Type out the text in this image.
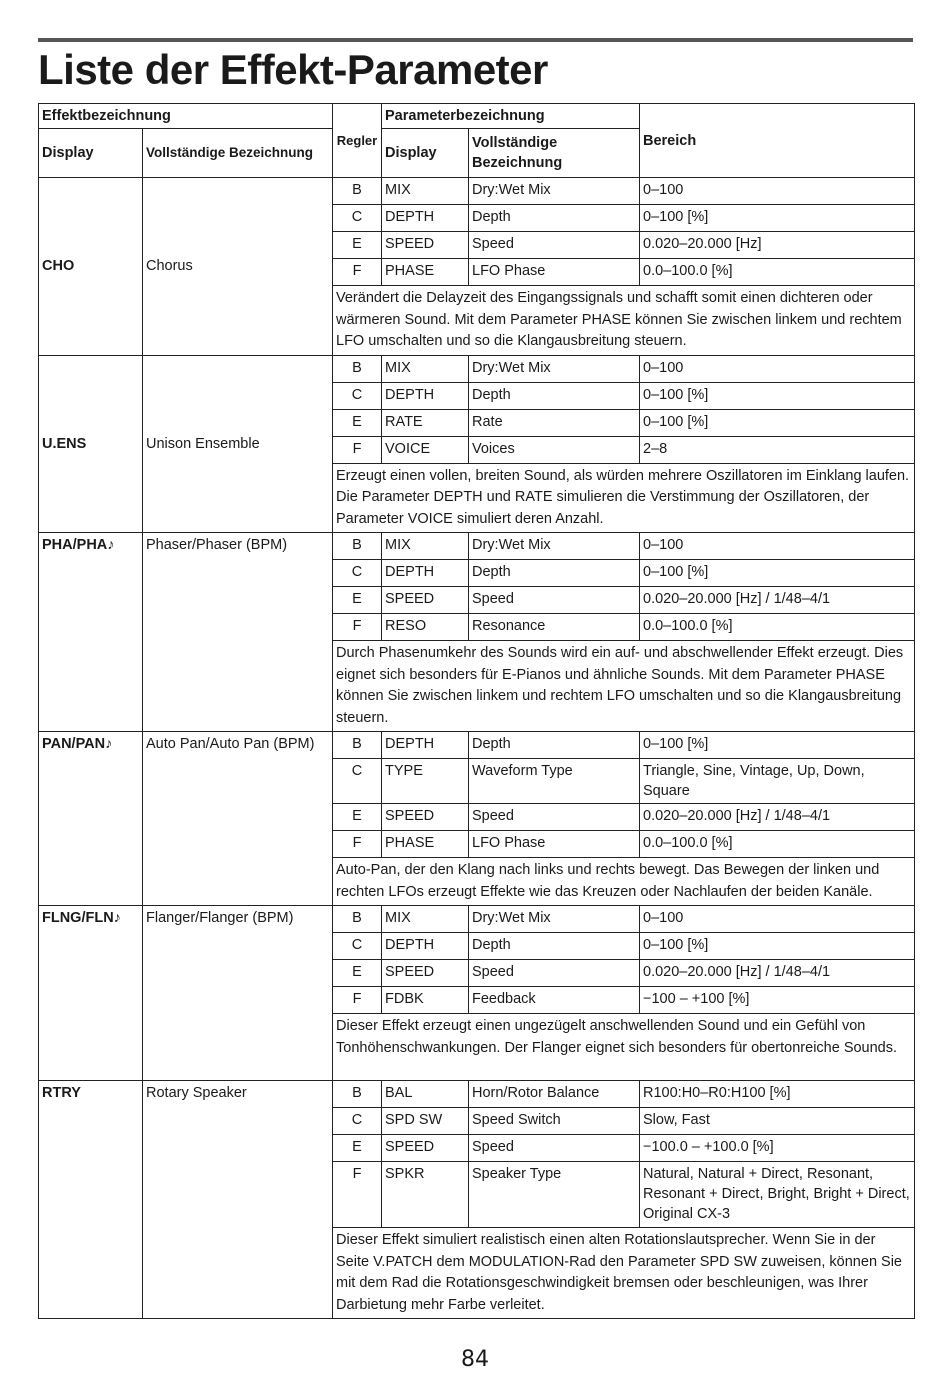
Liste der Effekt-Parameter
Effektbezeichnung		Regler	Parameterbezeichnung		Bereich
Display	Vollständige Bezeichnung		Display	Vollständige Bezeichnung	
CHO	Chorus	B	MIX	Dry:Wet Mix	0–100
		C	DEPTH	Depth	0–100 [%]
		E	SPEED	Speed	0.020–20.000 [Hz]
		F	PHASE	LFO Phase	0.0–100.0 [%]
		Verändert die Delayzeit des Eingangssignals und schafft somit einen dichteren oder wärmeren Sound. Mit dem Parameter PHASE können Sie zwischen linkem und rechtem LFO umschalten und so die Klangausbreitung steuern.			
U.ENS	Unison Ensemble	B	MIX	Dry:Wet Mix	0–100
		C	DEPTH	Depth	0–100 [%]
		E	RATE	Rate	0–100 [%]
		F	VOICE	Voices	2–8
		Erzeugt einen vollen, breiten Sound, als würden mehrere Oszillatoren im Einklang laufen. Die Parameter DEPTH und RATE simulieren die Verstimmung der Oszillatoren, der Parameter VOICE simuliert deren Anzahl.			
PHA/PHA♪	Phaser/Phaser (BPM)	B	MIX	Dry:Wet Mix	0–100
		C	DEPTH	Depth	0–100 [%]
		E	SPEED	Speed	0.020–20.000 [Hz] / 1/48–4/1
		F	RESO	Resonance	0.0–100.0 [%]
		Durch Phasenumkehr des Sounds wird ein auf- und abschwellender Effekt erzeugt. Dies eignet sich besonders für E-Pianos und ähnliche Sounds. Mit dem Parameter PHASE können Sie zwischen linkem und rechtem LFO umschalten und so die Klangausbreitung steuern.			
PAN/PAN♪	Auto Pan/Auto Pan (BPM)	B	DEPTH	Depth	0–100 [%]
		C	TYPE	Waveform Type	Triangle, Sine, Vintage, Up, Down, Square
		E	SPEED	Speed	0.020–20.000 [Hz] / 1/48–4/1
		F	PHASE	LFO Phase	0.0–100.0 [%]
		Auto-Pan, der den Klang nach links und rechts bewegt. Das Bewegen der linken und rechten LFOs erzeugt Effekte wie das Kreuzen oder Nachlaufen der beiden Kanäle.			
FLNG/FLN♪	Flanger/Flanger (BPM)	B	MIX	Dry:Wet Mix	0–100
		C	DEPTH	Depth	0–100 [%]
		E	SPEED	Speed	0.020–20.000 [Hz] / 1/48–4/1
		F	FDBK	Feedback	−100 – +100 [%]
		Dieser Effekt erzeugt einen ungezügelt anschwellenden Sound und ein Gefühl von Tonhöhenschwankungen. Der Flanger eignet sich besonders für obertonreiche Sounds.			
RTRY	Rotary Speaker	B	BAL	Horn/Rotor Balance	R100:H0–R0:H100 [%]
		C	SPD SW	Speed Switch	Slow, Fast
		E	SPEED	Speed	−100.0 – +100.0 [%]
		F	SPKR	Speaker Type	Natural, Natural + Direct, Resonant, Resonant + Direct, Bright, Bright + Direct, Original CX-3
		Dieser Effekt simuliert realistisch einen alten Rotationslautsprecher. Wenn Sie in der Seite V.PATCH dem MODULATION-Rad den Parameter SPD SW zuweisen, können Sie mit dem Rad die Rotationsgeschwindigkeit bremsen oder beschleunigen, was Ihrer Darbietung mehr Farbe verleitet.			
84
